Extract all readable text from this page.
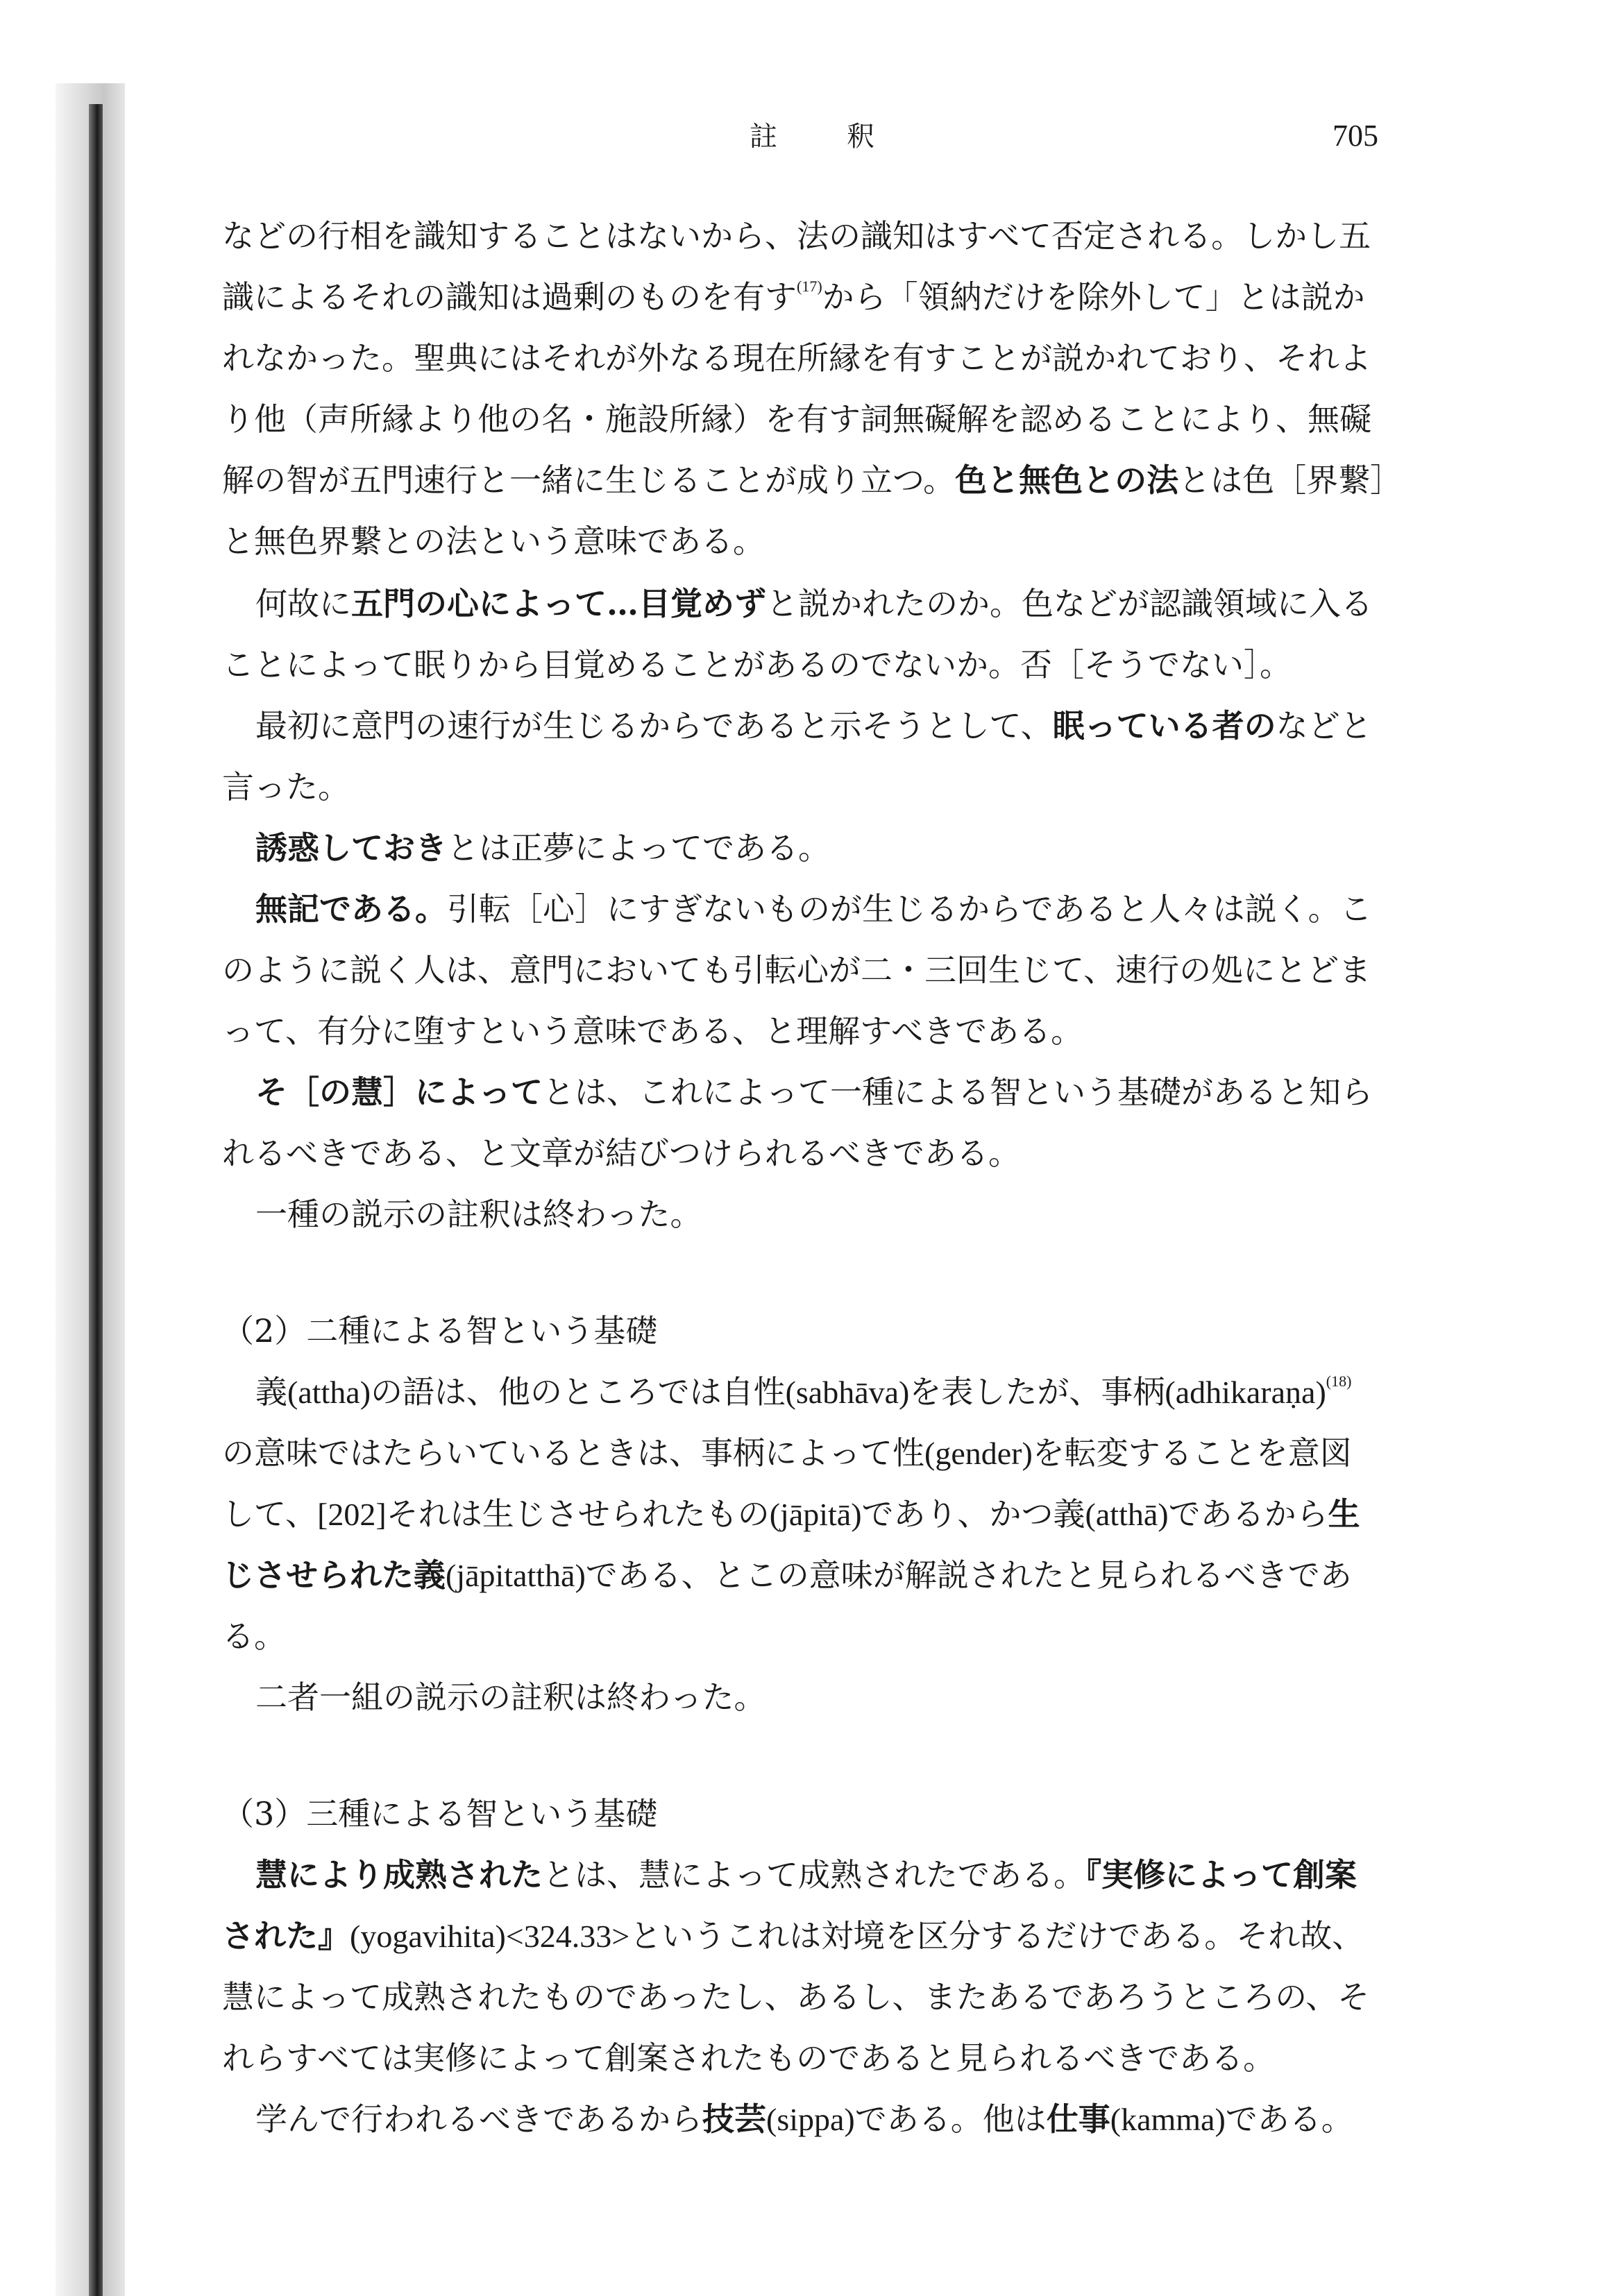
註　釈	705
などの行相を識知することはないから、法の識知はすべて否定される。しかし五
識によるそれの識知は過剰のものを有す$^{(17)}$から「領納だけを除外して」とは説か
れなかった。聖典にはそれが外なる現在所縁を有すことが説かれており、それよ
り他（声所縁より他の名・施設所縁）を有す詞無礙解を認めることにより、無礙
解の智が五門速行と一緒に生じることが成り立つ。色と無色との法とは色［界繋］
と無色界繋との法という意味である。
何故に五門の心によって…目覚めずと説かれたのか。色などが認識領域に入る
ことによって眠りから目覚めることがあるのでないか。否［そうでない］。
最初に意門の速行が生じるからであると示そうとして、眠っている者のなどと
言った。
誘惑しておきとは正夢によってである。
無記である。引転［心］にすぎないものが生じるからであると人々は説く。こ
のように説く人は、意門においても引転心が二・三回生じて、速行の処にとどま
って、有分に堕すという意味である、と理解すべきである。
そ［の慧］によってとは、これによって一種による智という基礎があると知ら
れるべきである、と文章が結びつけられるべきである。
一種の説示の註釈は終わった。
（2）二種による智という基礎
義(attha)の語は、他のところでは自性(sabhāva)を表したが、事柄(adhikaraṇa)$^{(18)}$
の意味ではたらいているときは、事柄によって性(gender)を転変することを意図
して、[202]それは生じさせられたもの(jāpitā)であり、かつ義(atthā)であるから生
じさせられた義(jāpitatthā)である、とこの意味が解説されたと見られるべきであ
る。
二者一組の説示の註釈は終わった。
（3）三種による智という基礎
慧により成熟されたとは、慧によって成熟されたである。『実修によって創案
された』(yogavihita)<324.33>というこれは対境を区分するだけである。それ故、
慧によって成熟されたものであったし、あるし、またあるであろうところの、そ
れらすべては実修によって創案されたものであると見られるべきである。
学んで行われるべきであるから技芸(sippa)である。他は仕事(kamma)である。
